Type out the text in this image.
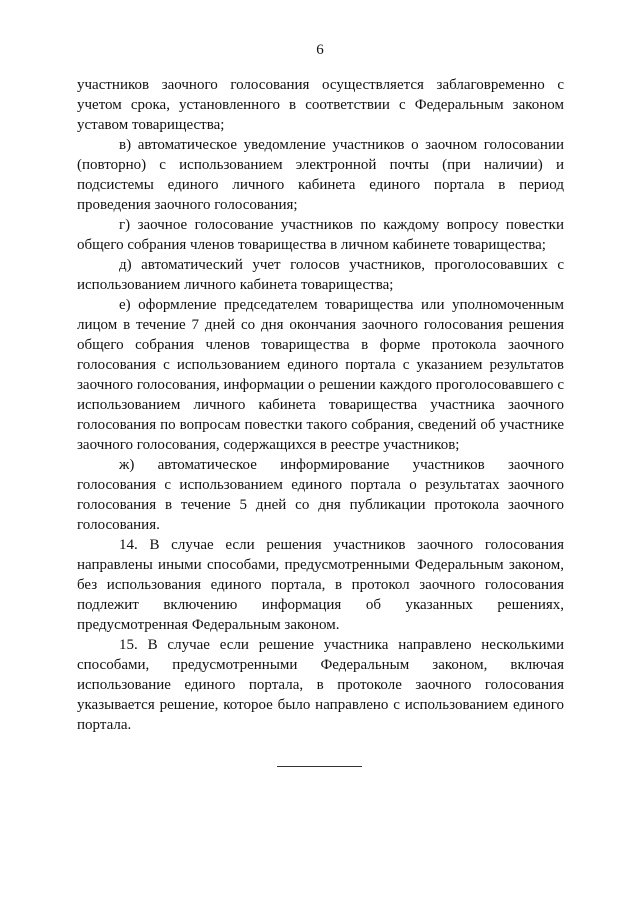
6

участников заочного голосования осуществляется заблаговременно с учетом срока, установленного в соответствии с Федеральным законом уставом товарищества;

в) автоматическое уведомление участников о заочном голосовании (повторно) с использованием электронной почты (при наличии) и подсистемы единого личного кабинета единого портала в период проведения заочного голосования;

г) заочное голосование участников по каждому вопросу повестки общего собрания членов товарищества в личном кабинете товарищества;

д) автоматический учет голосов участников, проголосовавших с использованием личного кабинета товарищества;

е) оформление председателем товарищества или уполномоченным лицом в течение 7 дней со дня окончания заочного голосования решения общего собрания членов товарищества в форме протокола заочного голосования с использованием единого портала с указанием результатов заочного голосования, информации о решении каждого проголосовавшего с использованием личного кабинета товарищества участника заочного голосования по вопросам повестки такого собрания, сведений об участнике заочного голосования, содержащихся в реестре участников;

ж) автоматическое информирование участников заочного голосования с использованием единого портала о результатах заочного голосования в течение 5 дней со дня публикации протокола заочного голосования.

14. В случае если решения участников заочного голосования направлены иными способами, предусмотренными Федеральным законом, без использования единого портала, в протокол заочного голосования подлежит включению информация об указанных решениях, предусмотренная Федеральным законом.

15. В случае если решение участника направлено несколькими способами, предусмотренными Федеральным законом, включая использование единого портала, в протоколе заочного голосования указывается решение, которое было направлено с использованием единого портала.
